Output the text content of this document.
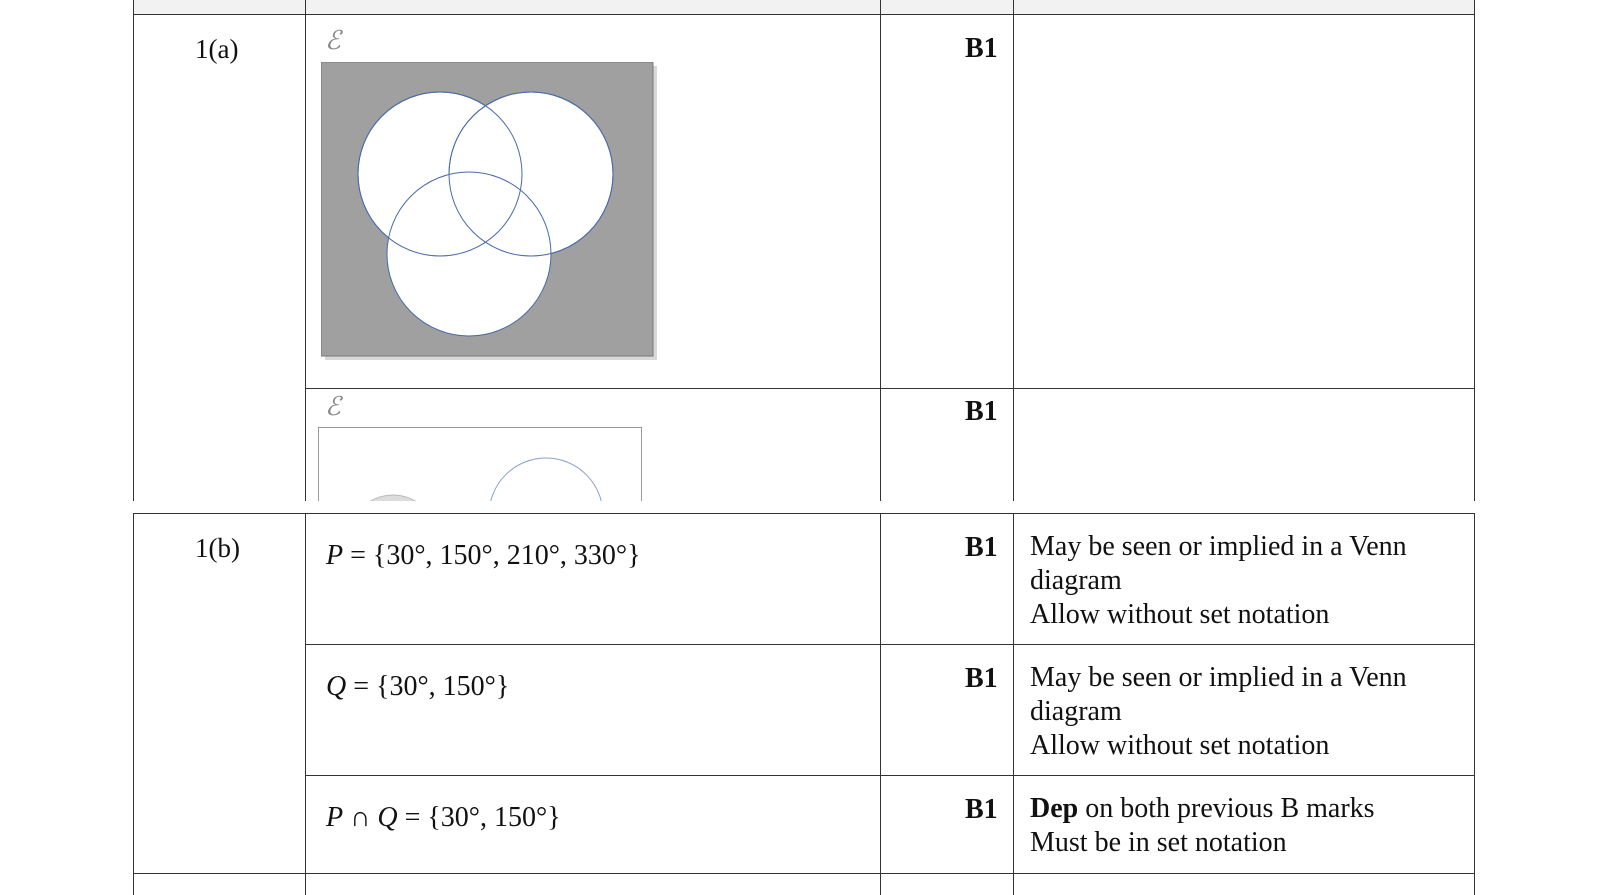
1(a)	ℰ	B1
ℰ	B1
1(b)	P = {30°, 150°, 210°, 330°}	B1 May be seen or implied in a Venn
diagram
Allow without set notation
Q = {30°, 150°}	B1 May be seen or implied in a Venn
diagram
Allow without set notation
P ∩ Q = {30°, 150°}	B1 Dep on both previous B marks
Must be in set notation
